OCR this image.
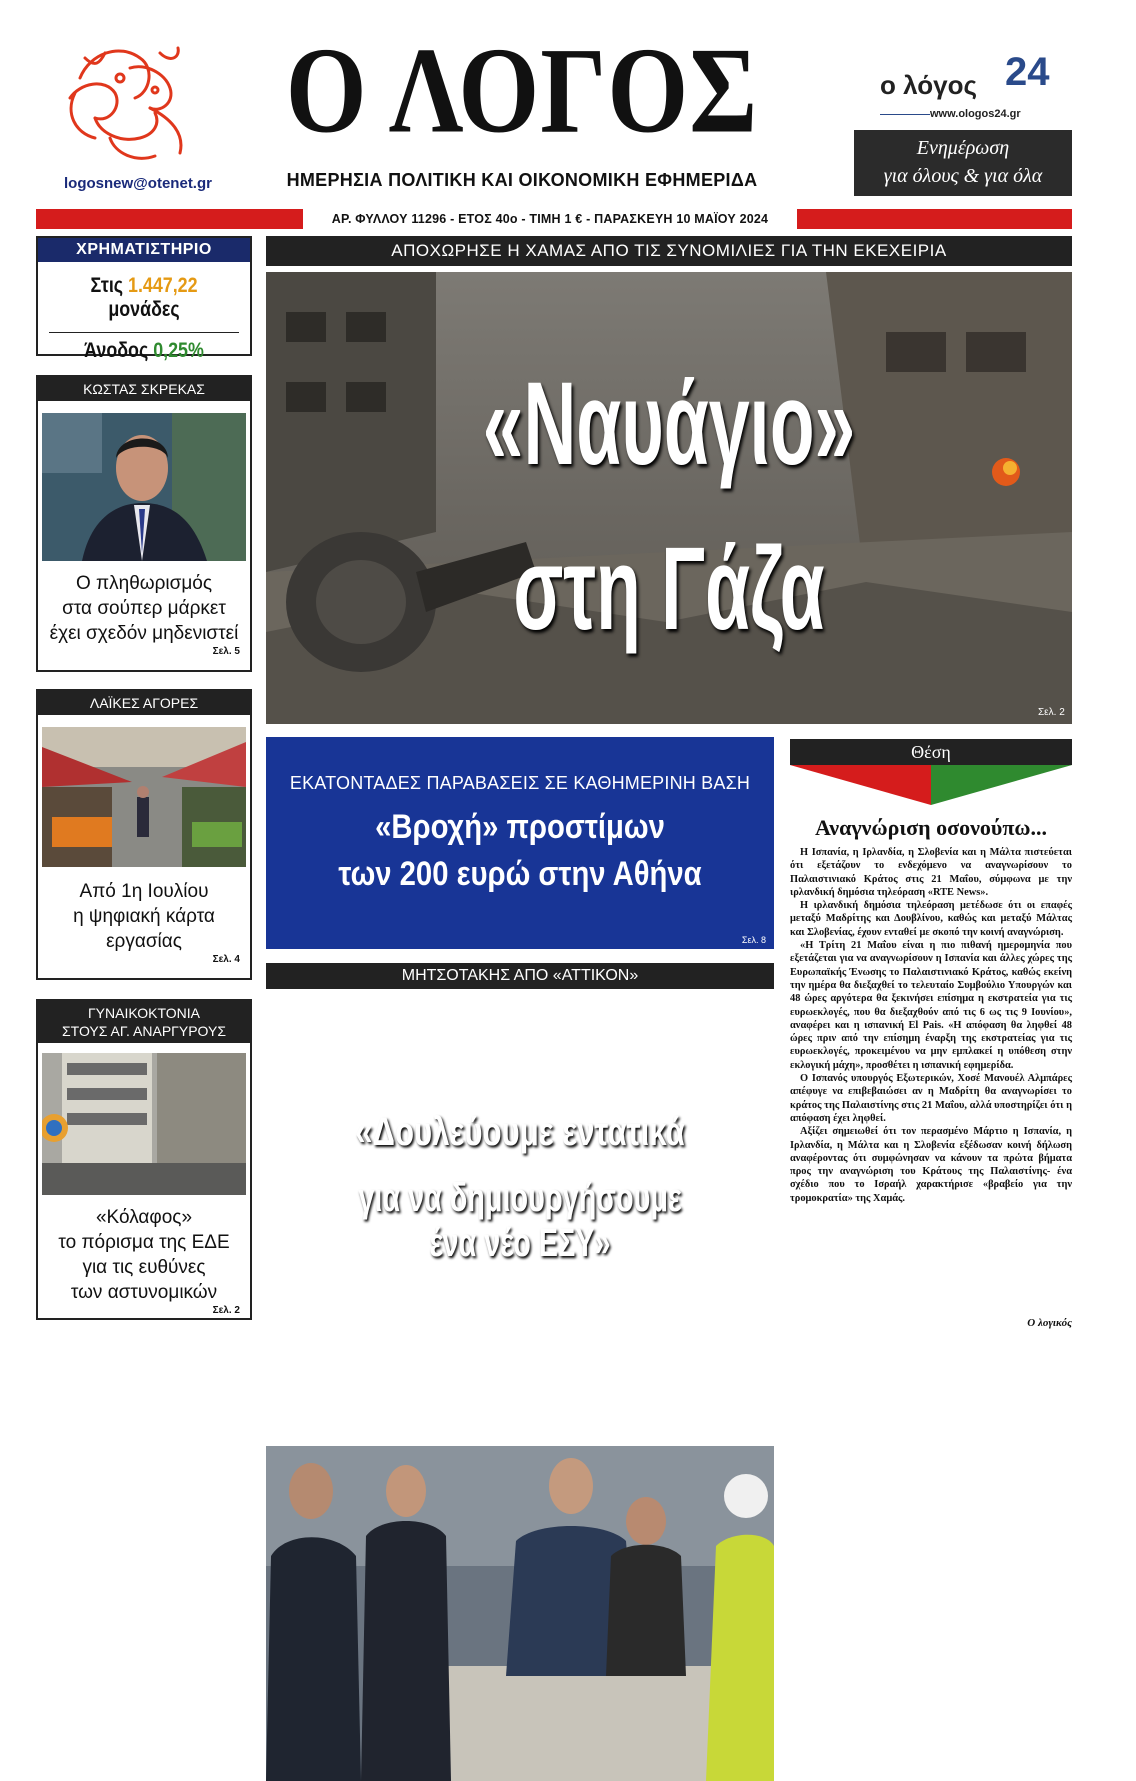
logosnew@otenet.gr
Ο ΛΟΓΟΣ
ΗΜΕΡΗΣΙΑ ΠΟΛΙΤΙΚΗ ΚΑΙ ΟΙΚΟΝΟΜΙΚΗ ΕΦΗΜΕΡΙΔΑ
ο λόγος 24
www.ologos24.gr
Ενημέρωση
για όλους & για όλα
ΑΡ. ΦΥΛΛΟΥ 11296 - ΕΤΟΣ 40ο - ΤΙΜΗ 1 € - ΠΑΡΑΣΚΕΥΗ 10 ΜΑΪΟΥ 2024
ΧΡΗΜΑΤΙΣΤΗΡΙΟ
Στις 1.447,22 μονάδες
Άνοδος 0,25%
ΚΩΣΤΑΣ ΣΚΡΕΚΑΣ
Ο πληθωρισμός
στα σούπερ μάρκετ
έχει σχεδόν μηδενιστεί
Σελ. 5
ΛΑΪΚΕΣ ΑΓΟΡΕΣ
Από 1η Ιουλίου
η ψηφιακή κάρτα
εργασίας
Σελ. 4
ΓΥΝΑΙΚΟΚΤΟΝΙΑ
ΣΤΟΥΣ ΑΓ. ΑΝΑΡΓΥΡΟΥΣ
«Κόλαφος»
το πόρισμα της ΕΔΕ
για τις ευθύνες
των αστυνομικών
Σελ. 2
ΑΠΟΧΩΡΗΣΕ Η ΧΑΜΑΣ ΑΠΟ ΤΙΣ ΣΥΝΟΜΙΛΙΕΣ ΓΙΑ ΤΗΝ ΕΚΕΧΕΙΡΙΑ
«Ναυάγιο»
στη Γάζα
Σελ. 2
ΕΚΑΤΟΝΤΑΔΕΣ ΠΑΡΑΒΑΣΕΙΣ ΣΕ ΚΑΘΗΜΕΡΙΝΗ ΒΑΣΗ
«Βροχή» προστίμων
των 200 ευρώ στην Αθήνα
Σελ. 8
ΜΗΤΣΟΤΑΚΗΣ ΑΠΟ «ΑΤΤΙΚΟΝ»
«Δουλεύουμε εντατικά
για να δημιουργήσουμε ένα νέο ΕΣΥ»
Σελ. 3
Θέση
Αναγνώριση οσονούπω...

Η Ισπανία, η Ιρλανδία, η Σλοβενία και η Μάλτα πιστεύεται ότι εξετάζουν το ενδεχόμενο να αναγνωρίσουν το Παλαιστινιακό Κράτος στις 21 Μαΐου, σύμφωνα με την ιρλανδική δημόσια τηλεόραση «RTE News».

Η ιρλανδική δημόσια τηλεόραση μετέδωσε ότι οι επαφές μεταξύ Μαδρίτης και Δουβλίνου, καθώς και μεταξύ Μάλτας και Σλοβενίας, έχουν ενταθεί με σκοπό την κοινή αναγνώριση.

«Η Τρίτη 21 Μαΐου είναι η πιο πιθανή ημερομηνία που εξετάζεται για να αναγνωρίσουν η Ισπανία και άλλες χώρες της Ευρωπαϊκής Ένωσης το Παλαιστινιακό Κράτος, καθώς εκείνη την ημέρα θα διεξαχθεί το τελευταίο Συμβούλιο Υπουργών και 48 ώρες αργότερα θα ξεκινήσει επίσημα η εκστρατεία για τις ευρωεκλογές, που θα διεξαχθούν από τις 6 ως τις 9 Ιουνίου», αναφέρει και η ισπανική El Pais. «Η απόφαση θα ληφθεί 48 ώρες πριν από την επίσημη έναρξη της εκστρατείας για τις ευρωεκλογές, προκειμένου να μην εμπλακεί η υπόθεση στην εκλογική μάχη», προσθέτει η ισπανική εφημερίδα.

Ο Ισπανός υπουργός Εξωτερικών, Χοσέ Μανουέλ Αλμπάρες απέφυγε να επιβεβαιώσει αν η Μαδρίτη θα αναγνωρίσει το κράτος της Παλαιστίνης στις 21 Μαΐου, αλλά υποστηρίζει ότι η απόφαση έχει ληφθεί.

Αξίζει σημειωθεί ότι τον περασμένο Μάρτιο η Ισπανία, η Ιρλανδία, η Μάλτα και η Σλοβενία εξέδωσαν κοινή δήλωση αναφέροντας ότι συμφώνησαν να κάνουν τα πρώτα βήματα προς την αναγνώριση του Κράτους της Παλαιστίνης- ένα σχέδιο που το Ισραήλ χαρακτήρισε «βραβείο για την τρομοκρατία» της Χαμάς.

Ο λογικός
